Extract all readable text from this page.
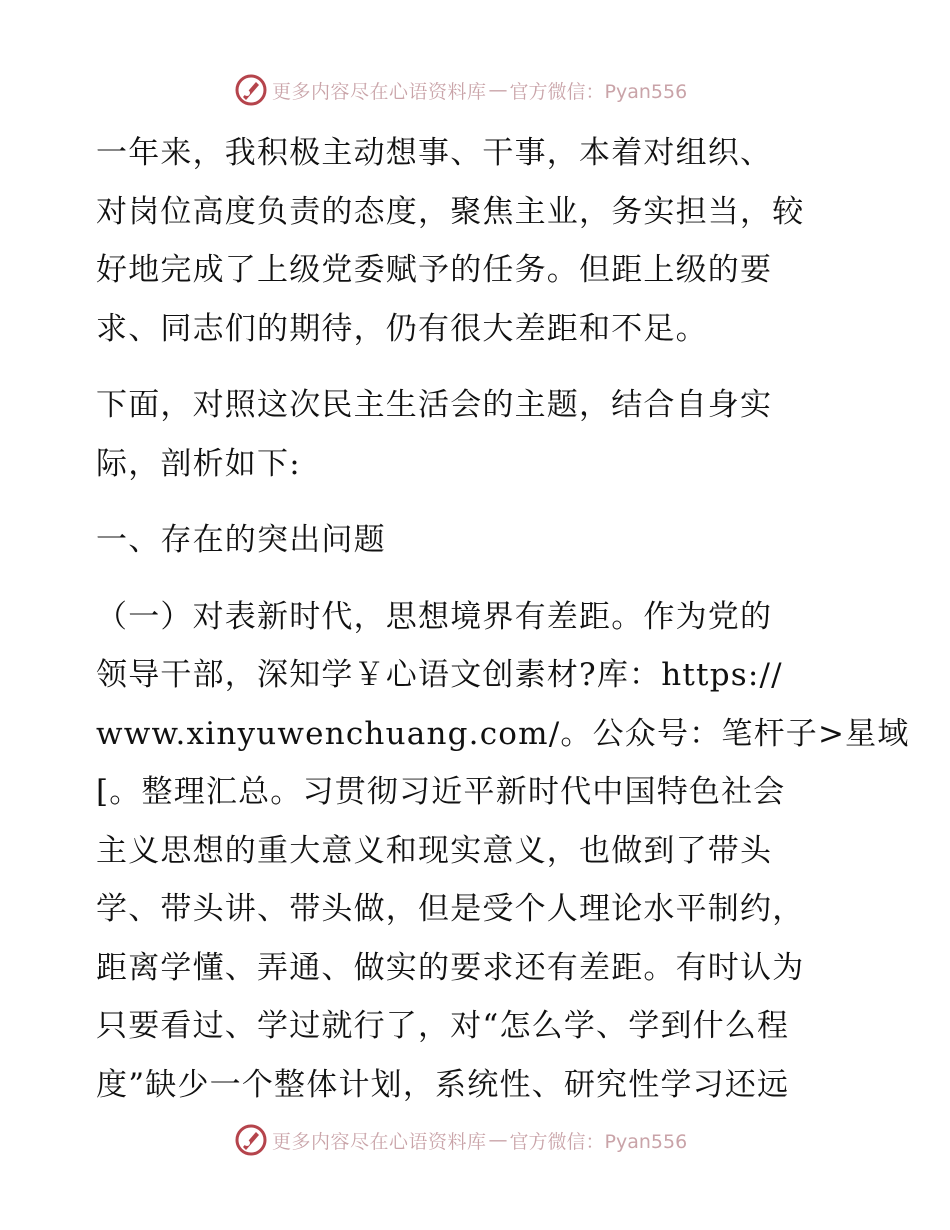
更多内容尽在心语资料库 — 官方微信：Pyan556

一年来，我积极主动想事、干事，本着对组织、
对岗位高度负责的态度，聚焦主业，务实担当，较
好地完成了上级党委赋予的任务。但距上级的要
求、同志们的期待，仍有很大差距和不足。

下面，对照这次民主生活会的主题，结合自身实
际，剖析如下:

一、存在的突出问题

（一）对表新时代，思想境界有差距。作为党的
领导干部，深知学￥心语文创素材?库：https://
www.xinyuwenchuang.com/。公众号：笔杆子>星域
[。整理汇总。习贯彻习近平新时代中国特色社会
主义思想的重大意义和现实意义，也做到了带头
学、带头讲、带头做，但是受个人理论水平制约，
距离学懂、弄通、做实的要求还有差距。有时认为
只要看过、学过就行了，对“怎么学、学到什么程
度”缺少一个整体计划，系统性、研究性学习还远

更多内容尽在心语资料库 — 官方微信：Pyan556
